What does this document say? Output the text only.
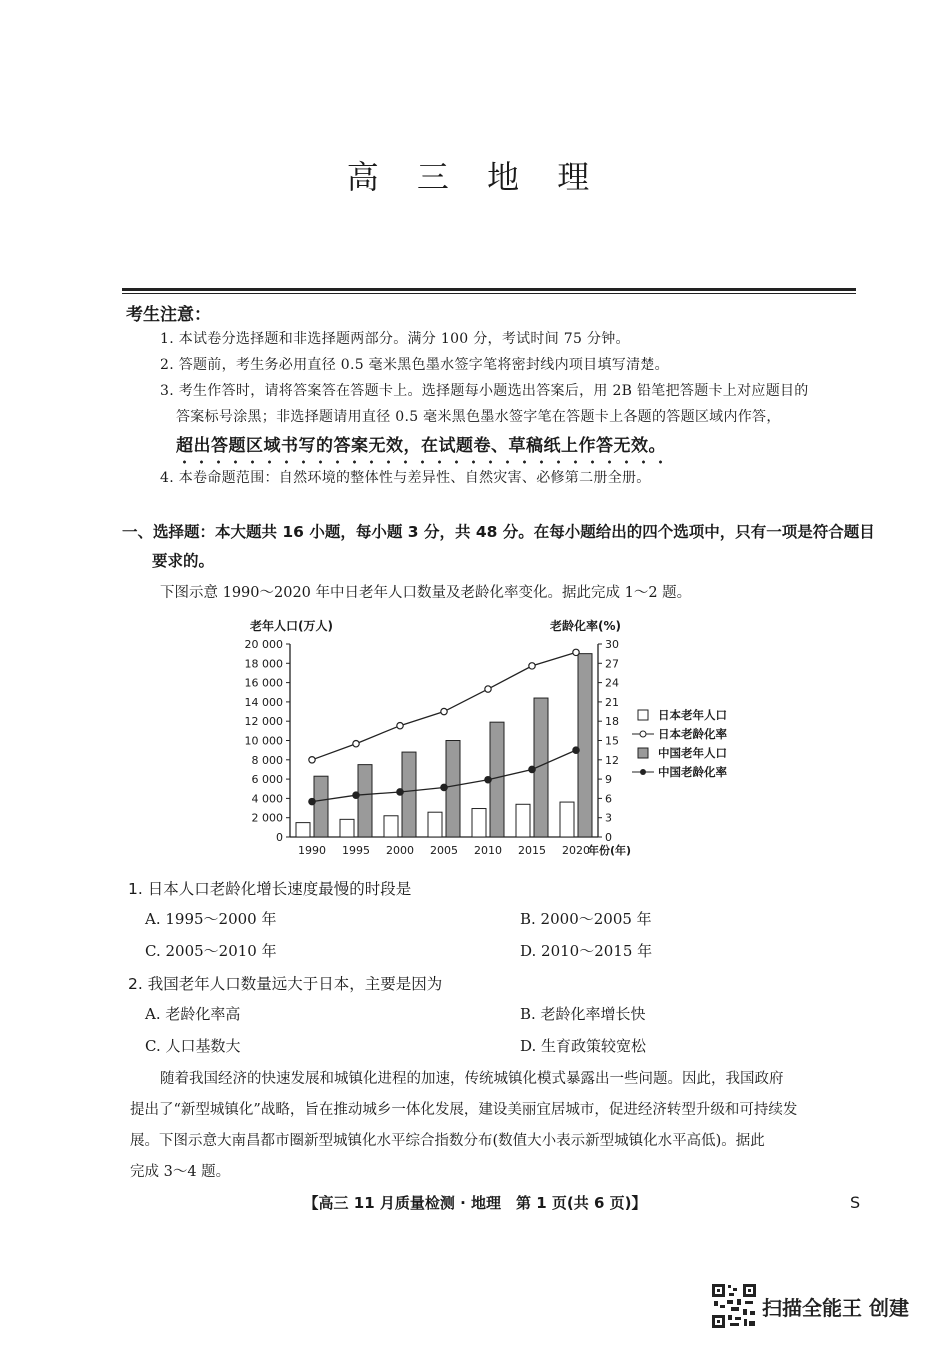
高 三 地 理
考生注意：
1. 本试卷分选择题和非选择题两部分。满分 100 分，考试时间 75 分钟。
2. 答题前，考生务必用直径 0.5 毫米黑色墨水签字笔将密封线内项目填写清楚。
3. 考生作答时，请将答案答在答题卡上。选择题每小题选出答案后，用 2B 铅笔把答题卡上对应题目的
答案标号涂黑；非选择题请用直径 0.5 毫米黑色墨水签字笔在答题卡上各题的答题区域内作答，
超出答题区域书写的答案无效，在试题卷、草稿纸上作答无效。
4. 本卷命题范围：自然环境的整体性与差异性、自然灾害、必修第二册全册。
一、选择题：本大题共 16 小题，每小题 3 分，共 48 分。在每小题给出的四个选项中，只有一项是符合题目
要求的。
下图示意 1990～2020 年中日老年人口数量及老龄化率变化。据此完成 1～2 题。
老年人口(万人)	老龄化率(%)
20 000
18 000
16 000
14 000
12 000
10 000
8 000
6 000
4 000
2 000
0
30
27
24
21
18
15
12
9
6
3
0
1990 1995 2000 2005 2010 2015 2020
年份(年)
日本老年人口
日本老龄化率
中国老年人口
中国老龄化率
1. 日本人口老龄化增长速度最慢的时段是
A. 1995～2000 年	B. 2000～2005 年
C. 2005～2010 年	D. 2010～2015 年
2. 我国老年人口数量远大于日本，主要是因为
A. 老龄化率高	B. 老龄化率增长快
C. 人口基数大	D. 生育政策较宽松
随着我国经济的快速发展和城镇化进程的加速，传统城镇化模式暴露出一些问题。因此，我国政府
提出了“新型城镇化”战略，旨在推动城乡一体化发展，建设美丽宜居城市，促进经济转型升级和可持续发
展。下图示意大南昌都市圈新型城镇化水平综合指数分布(数值大小表示新型城镇化水平高低)。据此
完成 3～4 题。
【高三 11 月质量检测 · 地理　第 1 页(共 6 页)】	S
扫描全能王 创建
